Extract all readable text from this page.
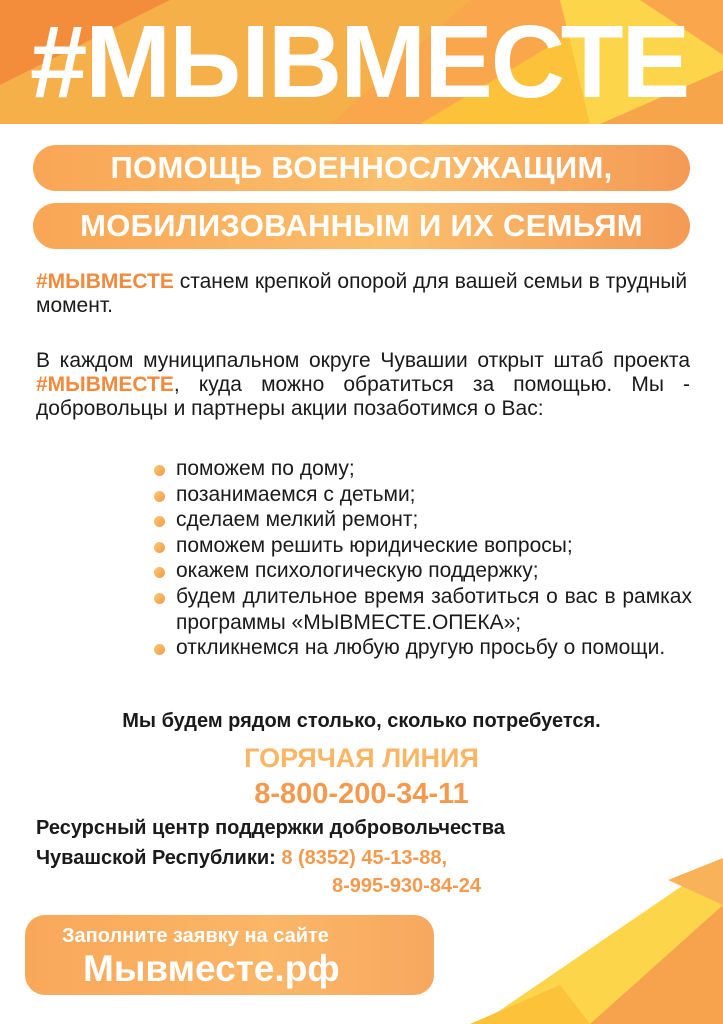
#МЫВМЕСТЕ
ПОМОЩЬ ВОЕННОСЛУЖАЩИМ,
МОБИЛИЗОВАННЫМ И ИХ СЕМЬЯМ

#МЫВМЕСТЕ станем крепкой опорой для вашей семьи в трудный момент.

В каждом муниципальном округе Чувашии открыт штаб проекта #МЫВМЕСТЕ, куда можно обратиться за помощью. Мы - добровольцы и партнеры акции позаботимся о Вас:

поможем по дому;
позанимаемся с детьми;
сделаем мелкий ремонт;
поможем решить юридические вопросы;
окажем психологическую поддержку;
будем длительное время заботиться о вас в рамках программы «МЫВМЕСТЕ.ОПЕКА»;
откликнемся на любую другую просьбу о помощи.
Мы будем рядом столько, сколько потребуется.
ГОРЯЧАЯ ЛИНИЯ
8-800-200-34-11
Ресурсный центр поддержки добровольчества
Чувашской Республики: 8 (8352) 45-13-88,
8-995-930-84-24
Заполните заявку на сайте
Мывместе.рф
